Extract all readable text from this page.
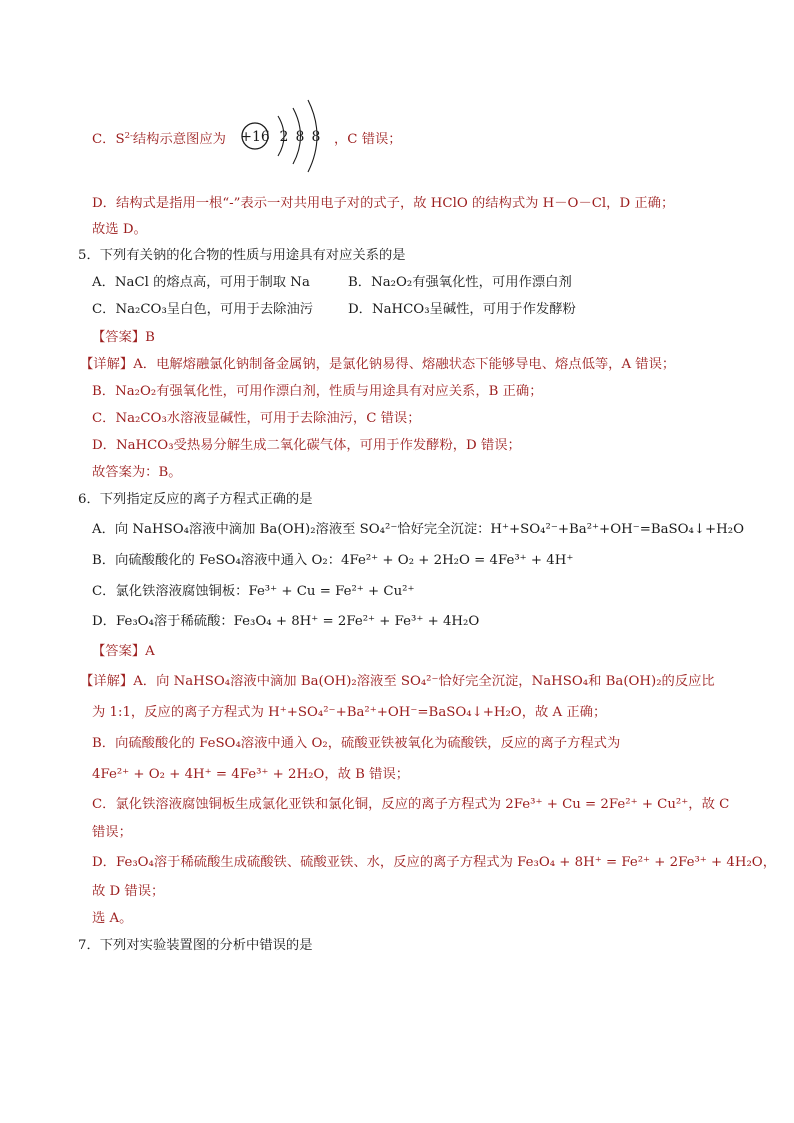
C．$S^{2-}$结构示意图应为 +16 2 8 8 ，C 错误；
D．结构式是指用一根“-”表示一对共用电子对的式子，故 HClO 的结构式为 H－O－Cl，D 正确；
故选 D。
5．下列有关钠的化合物的性质与用途具有对应关系的是
A．NaCl 的熔点高，可用于制取 Na	B．Na₂O₂有强氧化性，可用作漂白剂
C．Na₂CO₃呈白色，可用于去除油污	D．NaHCO₃呈碱性，可用于作发酵粉
【答案】B
【详解】A．电解熔融氯化钠制备金属钠，是氯化钠易得、熔融状态下能够导电、熔点低等，A 错误；
B．Na₂O₂有强氧化性，可用作漂白剂，性质与用途具有对应关系，B 正确；
C．Na₂CO₃水溶液显碱性，可用于去除油污，C 错误；
D．NaHCO₃受热易分解生成二氧化碳气体，可用于作发酵粉，D 错误；
故答案为：B。
6．下列指定反应的离子方程式正确的是
A．向 NaHSO₄溶液中滴加 Ba(OH)₂溶液至 SO₄²⁻恰好完全沉淀：H⁺+SO₄²⁻+Ba²⁺+OH⁻=BaSO₄↓+H₂O
B．向硫酸酸化的 FeSO₄溶液中通入 O₂：4Fe²⁺ + O₂ + 2H₂O = 4Fe³⁺ + 4H⁺
C．氯化铁溶液腐蚀铜板：Fe³⁺ + Cu = Fe²⁺ + Cu²⁺
D．Fe₃O₄溶于稀硫酸：Fe₃O₄ + 8H⁺ = 2Fe²⁺ + Fe³⁺ + 4H₂O
【答案】A
【详解】A．向 NaHSO₄溶液中滴加 Ba(OH)₂溶液至 SO₄²⁻恰好完全沉淀，NaHSO₄和 Ba(OH)₂的反应比
为 1:1，反应的离子方程式为 H⁺+SO₄²⁻+Ba²⁺+OH⁻=BaSO₄↓+H₂O，故 A 正确；
B．向硫酸酸化的 FeSO₄溶液中通入 O₂，硫酸亚铁被氧化为硫酸铁，反应的离子方程式为
4Fe²⁺ + O₂ + 4H⁺ = 4Fe³⁺ + 2H₂O，故 B 错误；
C．氯化铁溶液腐蚀铜板生成氯化亚铁和氯化铜，反应的离子方程式为 2Fe³⁺ + Cu = 2Fe²⁺ + Cu²⁺，故 C
错误；
D．Fe₃O₄溶于稀硫酸生成硫酸铁、硫酸亚铁、水，反应的离子方程式为 Fe₃O₄ + 8H⁺ = Fe²⁺ + 2Fe³⁺ + 4H₂O，
故 D 错误；
选 A。
7．下列对实验装置图的分析中错误的是
